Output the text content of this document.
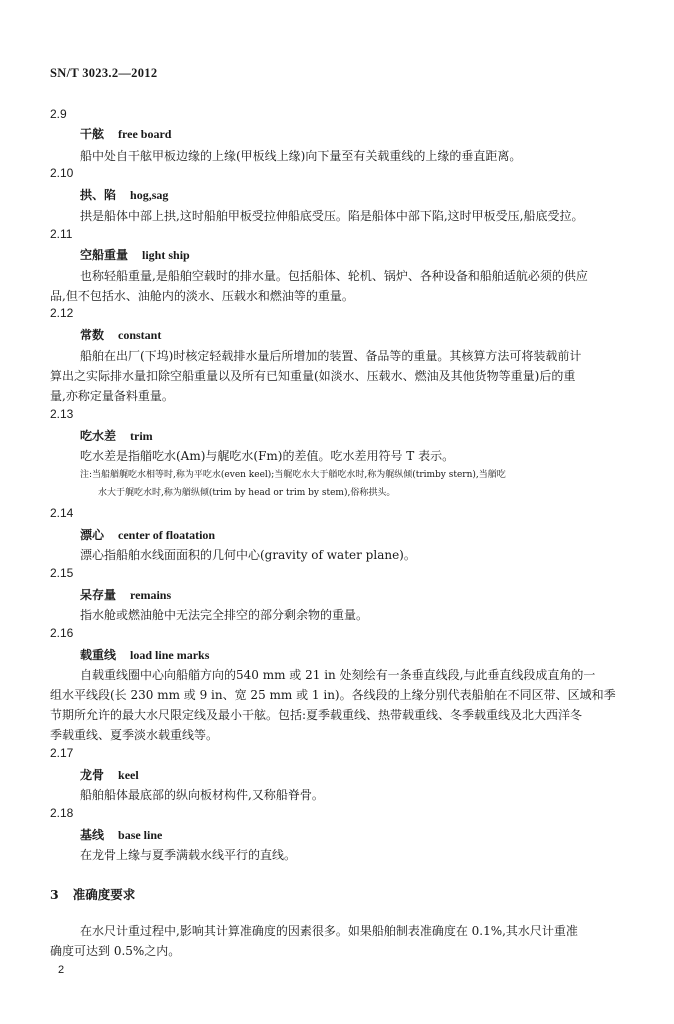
SN/T 3023.2—2012
2.9
干舷 free board
船中处自干舷甲板边缘的上缘(甲板线上缘)向下量至有关载重线的上缘的垂直距离。
2.10
拱、陷 hog,sag
拱是船体中部上拱,这时船舶甲板受拉伸船底受压。陷是船体中部下陷,这时甲板受压,船底受拉。
2.11
空船重量 light ship
也称轻船重量,是船舶空载时的排水量。包括船体、轮机、锅炉、各种设备和船舶适航必须的供应
品,但不包括水、油舱内的淡水、压载水和燃油等的重量。
2.12
常数 constant
船舶在出厂(下坞)时核定轻载排水量后所增加的装置、备品等的重量。其核算方法可将装载前计
算出之实际排水量扣除空船重量以及所有已知重量(如淡水、压载水、燃油及其他货物等重量)后的重
量,亦称定量备料重量。
2.13
吃水差 trim
吃水差是指艏吃水(Am)与艉吃水(Fm)的差值。吃水差用符号 T 表示。
注:当船艏艉吃水相等时,称为平吃水(even keel);当艉吃水大于艏吃水时,称为艉纵倾(trimby stern),当艏吃
水大于艉吃水时,称为艏纵倾(trim by head or trim by stem),俗称拱头。
2.14
漂心 center of floatation
漂心指船舶水线面面积的几何中心(gravity of water plane)。
2.15
呆存量 remains
指水舱或燃油舱中无法完全排空的部分剩余物的重量。
2.16
载重线 load line marks
自载重线圈中心向船艏方向的540 mm 或 21 in 处刻绘有一条垂直线段,与此垂直线段成直角的一
组水平线段(长 230 mm 或 9 in、宽 25 mm 或 1 in)。各线段的上缘分别代表船舶在不同区带、区域和季
节期所允许的最大水尺限定线及最小干舷。包括:夏季载重线、热带载重线、冬季载重线及北大西洋冬
季载重线、夏季淡水载重线等。
2.17
龙骨 keel
船舶船体最底部的纵向板材构件,又称船脊骨。
2.18
基线 base line
在龙骨上缘与夏季满载水线平行的直线。
3 准确度要求
在水尺计重过程中,影响其计算准确度的因素很多。如果船舶制表准确度在 0.1%,其水尺计重准
确度可达到 0.5%之内。
2
